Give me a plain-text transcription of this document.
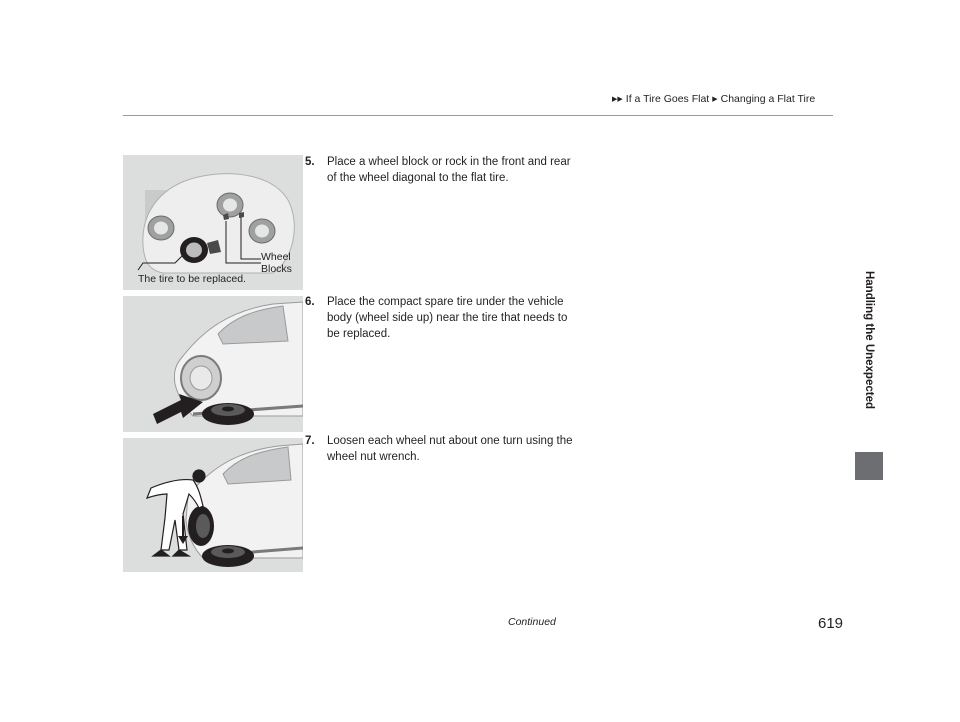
▶▶ If a Tire Goes Flat ▶ Changing a Flat Tire
Handling the Unexpected
Wheel
Blocks
The tire to be replaced.
5. Place a wheel block or rock in the front and rear of the wheel diagonal to the flat tire.
6. Place the compact spare tire under the vehicle body (wheel side up) near the tire that needs to be replaced.
7. Loosen each wheel nut about one turn using the wheel nut wrench.
Continued	619
